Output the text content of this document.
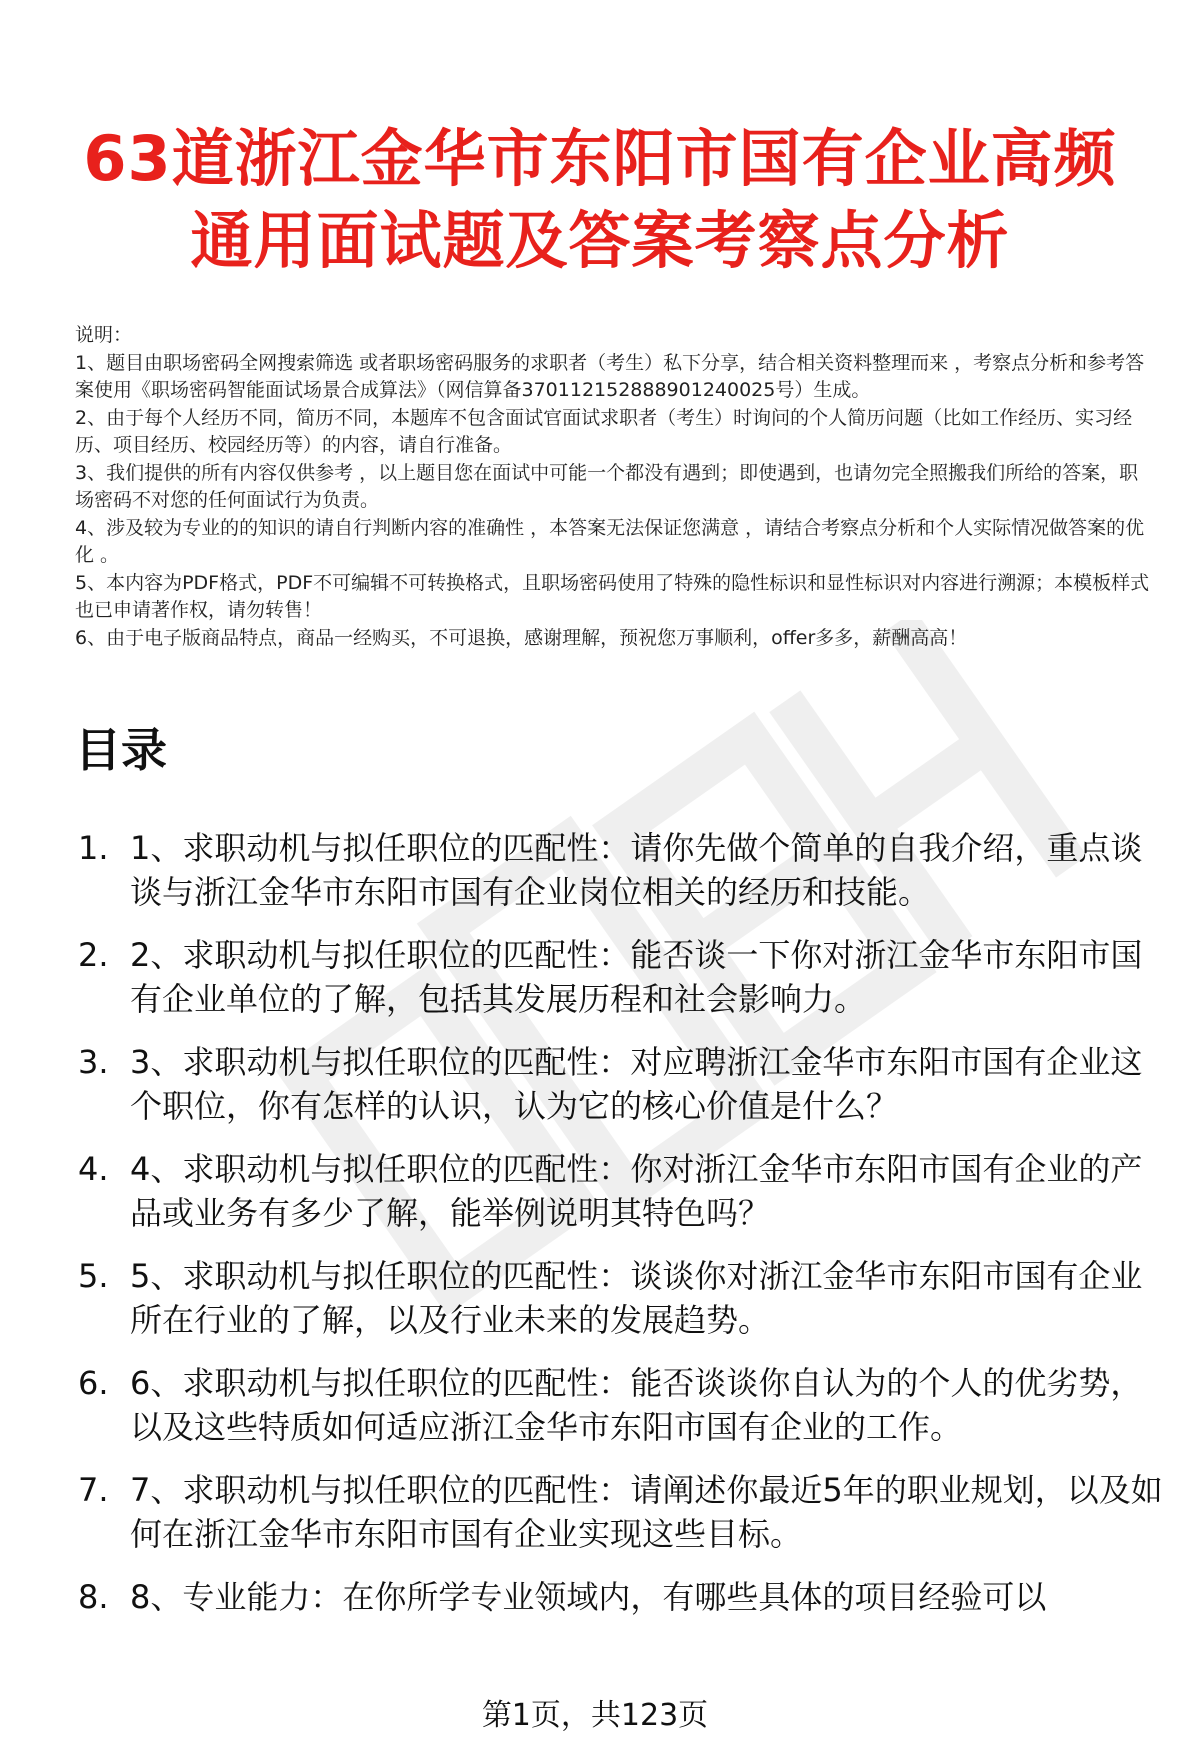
63道浙江金华市东阳市国有企业高频通用面试题及答案考察点分析
说明：
1、题目由职场密码全网搜索筛选 或者职场密码服务的求职者（考生）私下分享，结合相关资料整理而来 ，考察点分析和参考答案使用《职场密码智能面试场景合成算法》（网信算备370112152888901240025号）生成。
2、由于每个人经历不同，简历不同，本题库不包含面试官面试求职者（考生）时询问的个人简历问题（比如工作经历、实习经历、项目经历、校园经历等）的内容，请自行准备。
3、我们提供的所有内容仅供参考 ，以上题目您在面试中可能一个都没有遇到；即使遇到，也请勿完全照搬我们所给的答案，职场密码不对您的任何面试行为负责。
4、涉及较为专业的的知识的请自行判断内容的准确性 ，本答案无法保证您满意 ，请结合考察点分析和个人实际情况做答案的优化 。
5、本内容为PDF格式，PDF不可编辑不可转换格式，且职场密码使用了特殊的隐性标识和显性标识对内容进行溯源；本模板样式也已申请著作权，请勿转售！
6、由于电子版商品特点，商品一经购买，不可退换，感谢理解，预祝您万事顺利，offer多多，薪酬高高！
目录
1. 1、求职动机与拟任职位的匹配性：请你先做个简单的自我介绍，重点谈谈与浙江金华市东阳市国有企业岗位相关的经历和技能。
2. 2、求职动机与拟任职位的匹配性：能否谈一下你对浙江金华市东阳市国有企业单位的了解，包括其发展历程和社会影响力。
3. 3、求职动机与拟任职位的匹配性：对应聘浙江金华市东阳市国有企业这个职位，你有怎样的认识，认为它的核心价值是什么？
4. 4、求职动机与拟任职位的匹配性：你对浙江金华市东阳市国有企业的产品或业务有多少了解，能举例说明其特色吗？
5. 5、求职动机与拟任职位的匹配性：谈谈你对浙江金华市东阳市国有企业所在行业的了解，以及行业未来的发展趋势。
6. 6、求职动机与拟任职位的匹配性：能否谈谈你自认为的个人的优劣势，以及这些特质如何适应浙江金华市东阳市国有企业的工作。
7. 7、求职动机与拟任职位的匹配性：请阐述你最近5年的职业规划，以及如何在浙江金华市东阳市国有企业实现这些目标。
8. 8、专业能力：在你所学专业领域内，有哪些具体的项目经验可以
第1页，共123页
